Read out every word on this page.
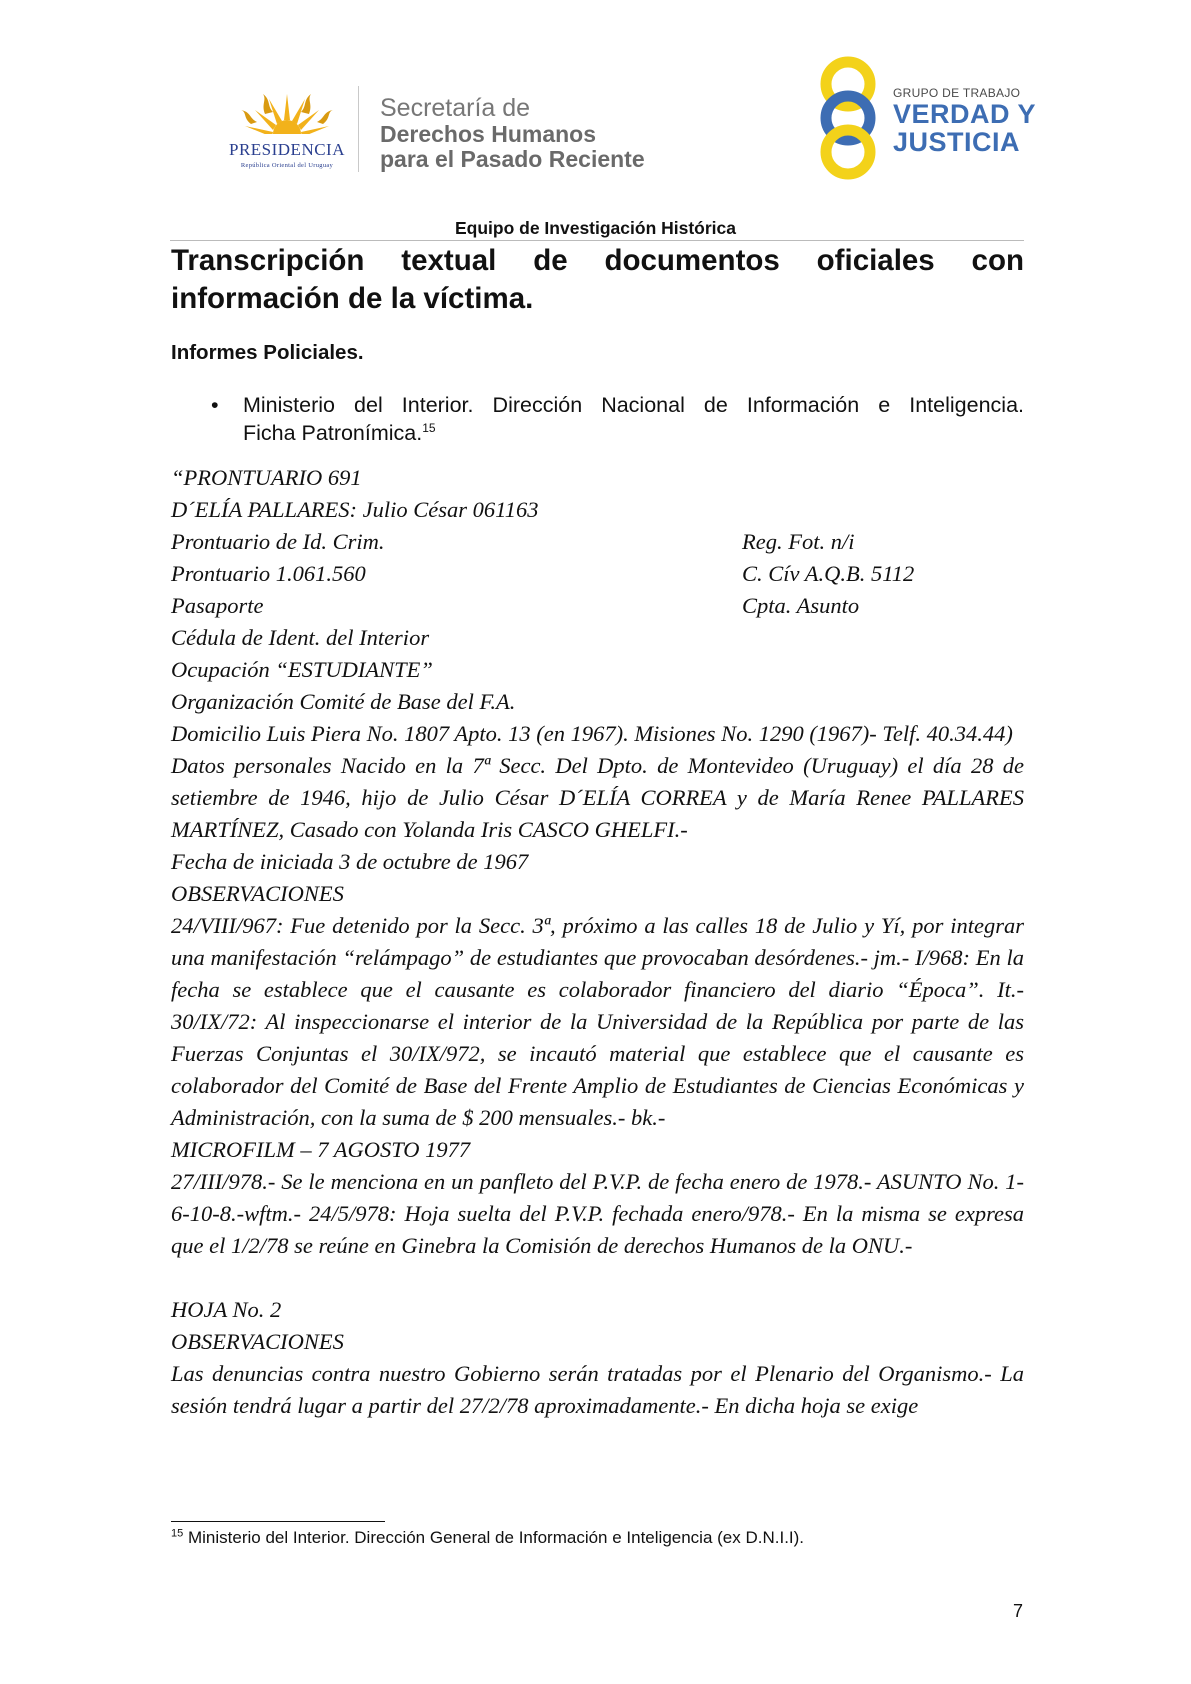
PRESIDENCIA
República Oriental del Uruguay
Secretaría de
Derechos Humanos
para el Pasado Reciente
GRUPO DE TRABAJO
VERDAD Y
JUSTICIA
Equipo de Investigación Histórica
Transcripción textual de documentos oficiales con
información de la víctima.
Informes Policiales.
• Ministerio del Interior. Dirección Nacional de Información e Inteligencia.
Ficha Patronímica.$^{15}$
“PRONTUARIO 691
D´ELÍA PALLARES: Julio César 061163
Prontuario de Id. Crim.	Reg. Fot. n/i
Prontuario 1.061.560	C. Cív A.Q.B. 5112
Pasaporte	Cpta. Asunto
Cédula de Ident. del Interior
Ocupación “ESTUDIANTE”
Organización Comité de Base del F.A.
Domicilio Luis Piera No. 1807 Apto. 13 (en 1967). Misiones No. 1290 (1967)- Telf. 40.34.44)
Datos personales Nacido en la 7ª Secc. Del Dpto. de Montevideo (Uruguay) el día 28 de setiembre de 1946, hijo de Julio César D´ELÍA CORREA y de María Renee PALLARES MARTÍNEZ, Casado con Yolanda Iris CASCO GHELFI.-
Fecha de iniciada 3 de octubre de 1967
OBSERVACIONES
24/VIII/967: Fue detenido por la Secc. 3ª, próximo a las calles 18 de Julio y Yí, por integrar una manifestación “relámpago” de estudiantes que provocaban desórdenes.- jm.- I/968: En la fecha se establece que el causante es colaborador financiero del diario “Época”. It.- 30/IX/72: Al inspeccionarse el interior de la Universidad de la República por parte de las Fuerzas Conjuntas el 30/IX/972, se incautó material que establece que el causante es colaborador del Comité de Base del Frente Amplio de Estudiantes de Ciencias Económicas y Administración, con la suma de $ 200 mensuales.- bk.-
MICROFILM – 7 AGOSTO 1977
27/III/978.- Se le menciona en un panfleto del P.V.P. de fecha enero de 1978.- ASUNTO No. 1-6-10-8.-wftm.- 24/5/978: Hoja suelta del P.V.P. fechada enero/978.- En la misma se expresa que el 1/2/78 se reúne en Ginebra la Comisión de derechos Humanos de la ONU.-
HOJA No. 2
OBSERVACIONES
Las denuncias contra nuestro Gobierno serán tratadas por el Plenario del Organismo.- La sesión tendrá lugar a partir del 27/2/78 aproximadamente.- En dicha hoja se exige
$^{15}$ Ministerio del Interior. Dirección General de Información e Inteligencia (ex D.N.I.I).
7
